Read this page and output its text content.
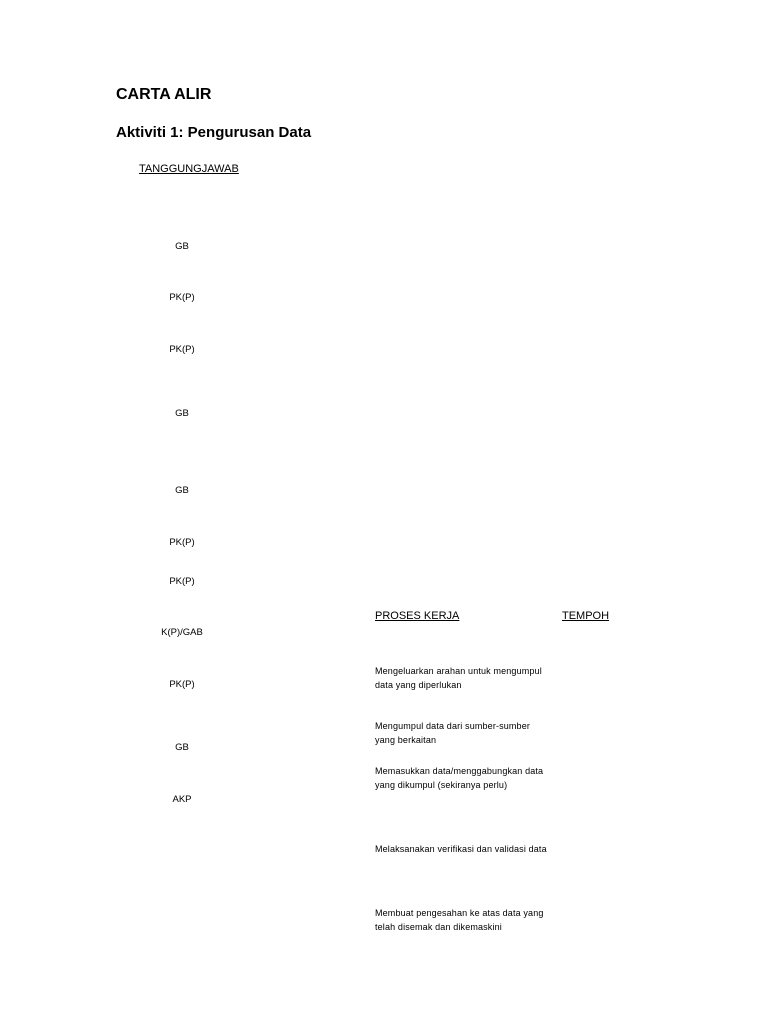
CARTA ALIR
Aktiviti 1: Pengurusan Data
TANGGUNGJAWAB
PROSES KERJA	TEMPOH
GB
PK(P)
PK(P)
GB
GB
PK(P)
PK(P)
K(P)/GAB
PK(P)
GB
AKP
Mengeluarkan arahan untuk mengumpul data yang diperlukan
Mengumpul data dari sumber-sumber yang berkaitan
Memasukkan data/menggabungkan data yang dikumpul (sekiranya perlu)
Melaksanakan verifikasi dan validasi data
Membuat pengesahan ke atas data yang telah disemak dan dikemaskini
